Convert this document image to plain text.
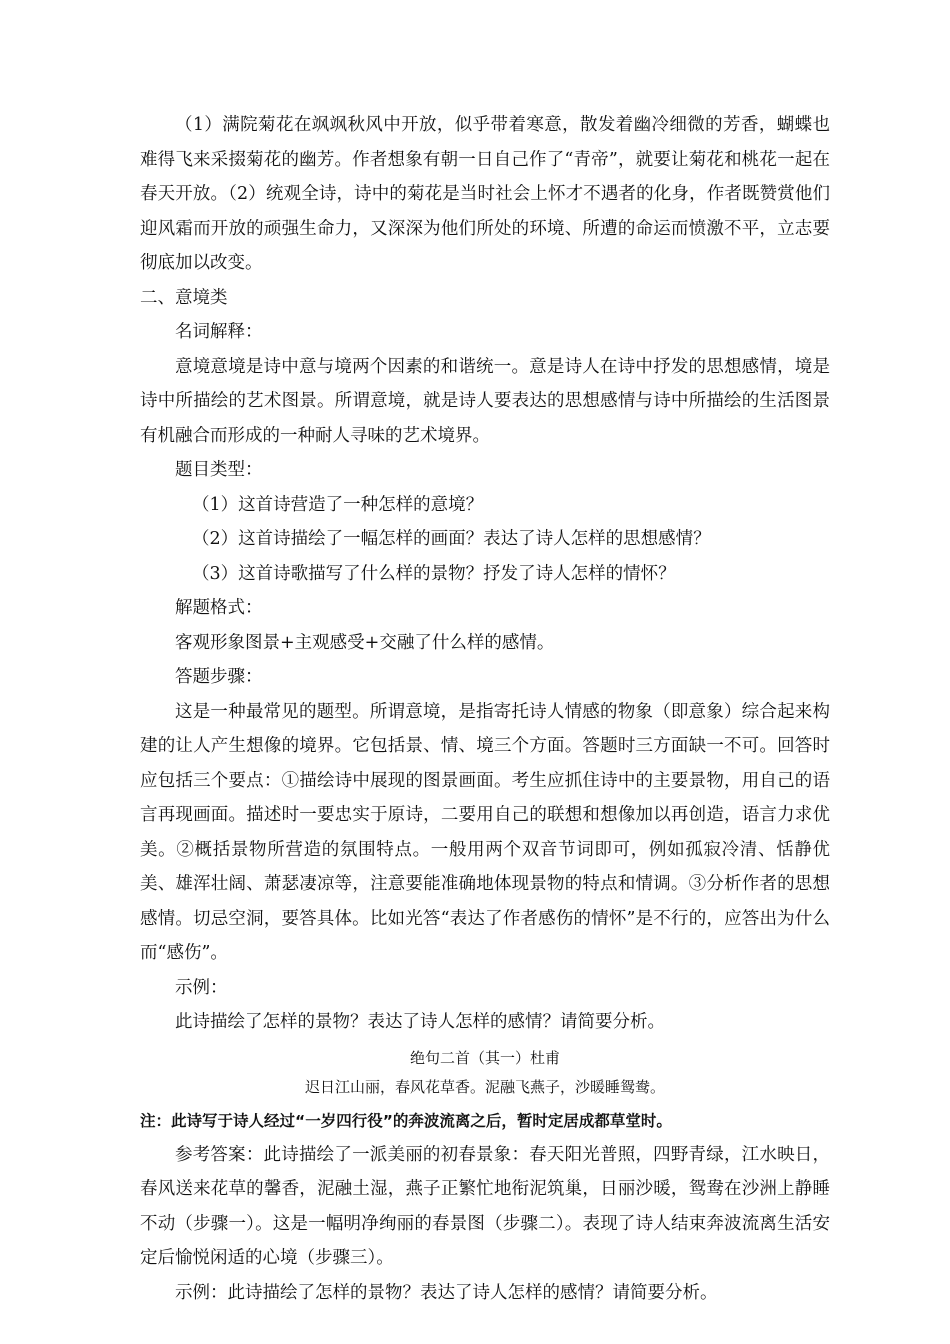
（1）满院菊花在飒飒秋风中开放，似乎带着寒意，散发着幽冷细微的芳香，蝴蝶也难得飞来采掇菊花的幽芳。作者想象有朝一日自己作了“青帝”，就要让菊花和桃花一起在春天开放。（2）统观全诗，诗中的菊花是当时社会上怀才不遇者的化身，作者既赞赏他们迎风霜而开放的顽强生命力，又深深为他们所处的环境、所遭的命运而愤激不平，立志要彻底加以改变。

二、意境类

名词解释：

意境意境是诗中意与境两个因素的和谐统一。意是诗人在诗中抒发的思想感情，境是诗中所描绘的艺术图景。所谓意境，就是诗人要表达的思想感情与诗中所描绘的生活图景有机融合而形成的一种耐人寻味的艺术境界。

题目类型：

（1）这首诗营造了一种怎样的意境？

（2）这首诗描绘了一幅怎样的画面？表达了诗人怎样的思想感情？

（3）这首诗歌描写了什么样的景物？抒发了诗人怎样的情怀？

解题格式：

客观形象图景+主观感受+交融了什么样的感情。

答题步骤：

这是一种最常见的题型。所谓意境，是指寄托诗人情感的物象（即意象）综合起来构建的让人产生想像的境界。它包括景、情、境三个方面。答题时三方面缺一不可。回答时应包括三个要点：①描绘诗中展现的图景画面。考生应抓住诗中的主要景物，用自己的语言再现画面。描述时一要忠实于原诗，二要用自己的联想和想像加以再创造，语言力求优美。②概括景物所营造的氛围特点。一般用两个双音节词即可，例如孤寂冷清、恬静优美、雄浑壮阔、萧瑟凄凉等，注意要能准确地体现景物的特点和情调。③分析作者的思想感情。切忌空洞，要答具体。比如光答“表达了作者感伤的情怀”是不行的，应答出为什么而“感伤”。

示例：

此诗描绘了怎样的景物？表达了诗人怎样的感情？请简要分析。

绝句二首（其一）杜甫

迟日江山丽，春风花草香。泥融飞燕子，沙暖睡鸳鸯。

注：此诗写于诗人经过“一岁四行役”的奔波流离之后，暂时定居成都草堂时。

参考答案：此诗描绘了一派美丽的初春景象：春天阳光普照，四野青绿，江水映日，春风送来花草的馨香，泥融土湿，燕子正繁忙地衔泥筑巢，日丽沙暖，鸳鸯在沙洲上静睡不动（步骤一）。这是一幅明净绚丽的春景图（步骤二）。表现了诗人结束奔波流离生活安定后愉悦闲适的心境（步骤三）。

示例：此诗描绘了怎样的景物？表达了诗人怎样的感情？请简要分析。
